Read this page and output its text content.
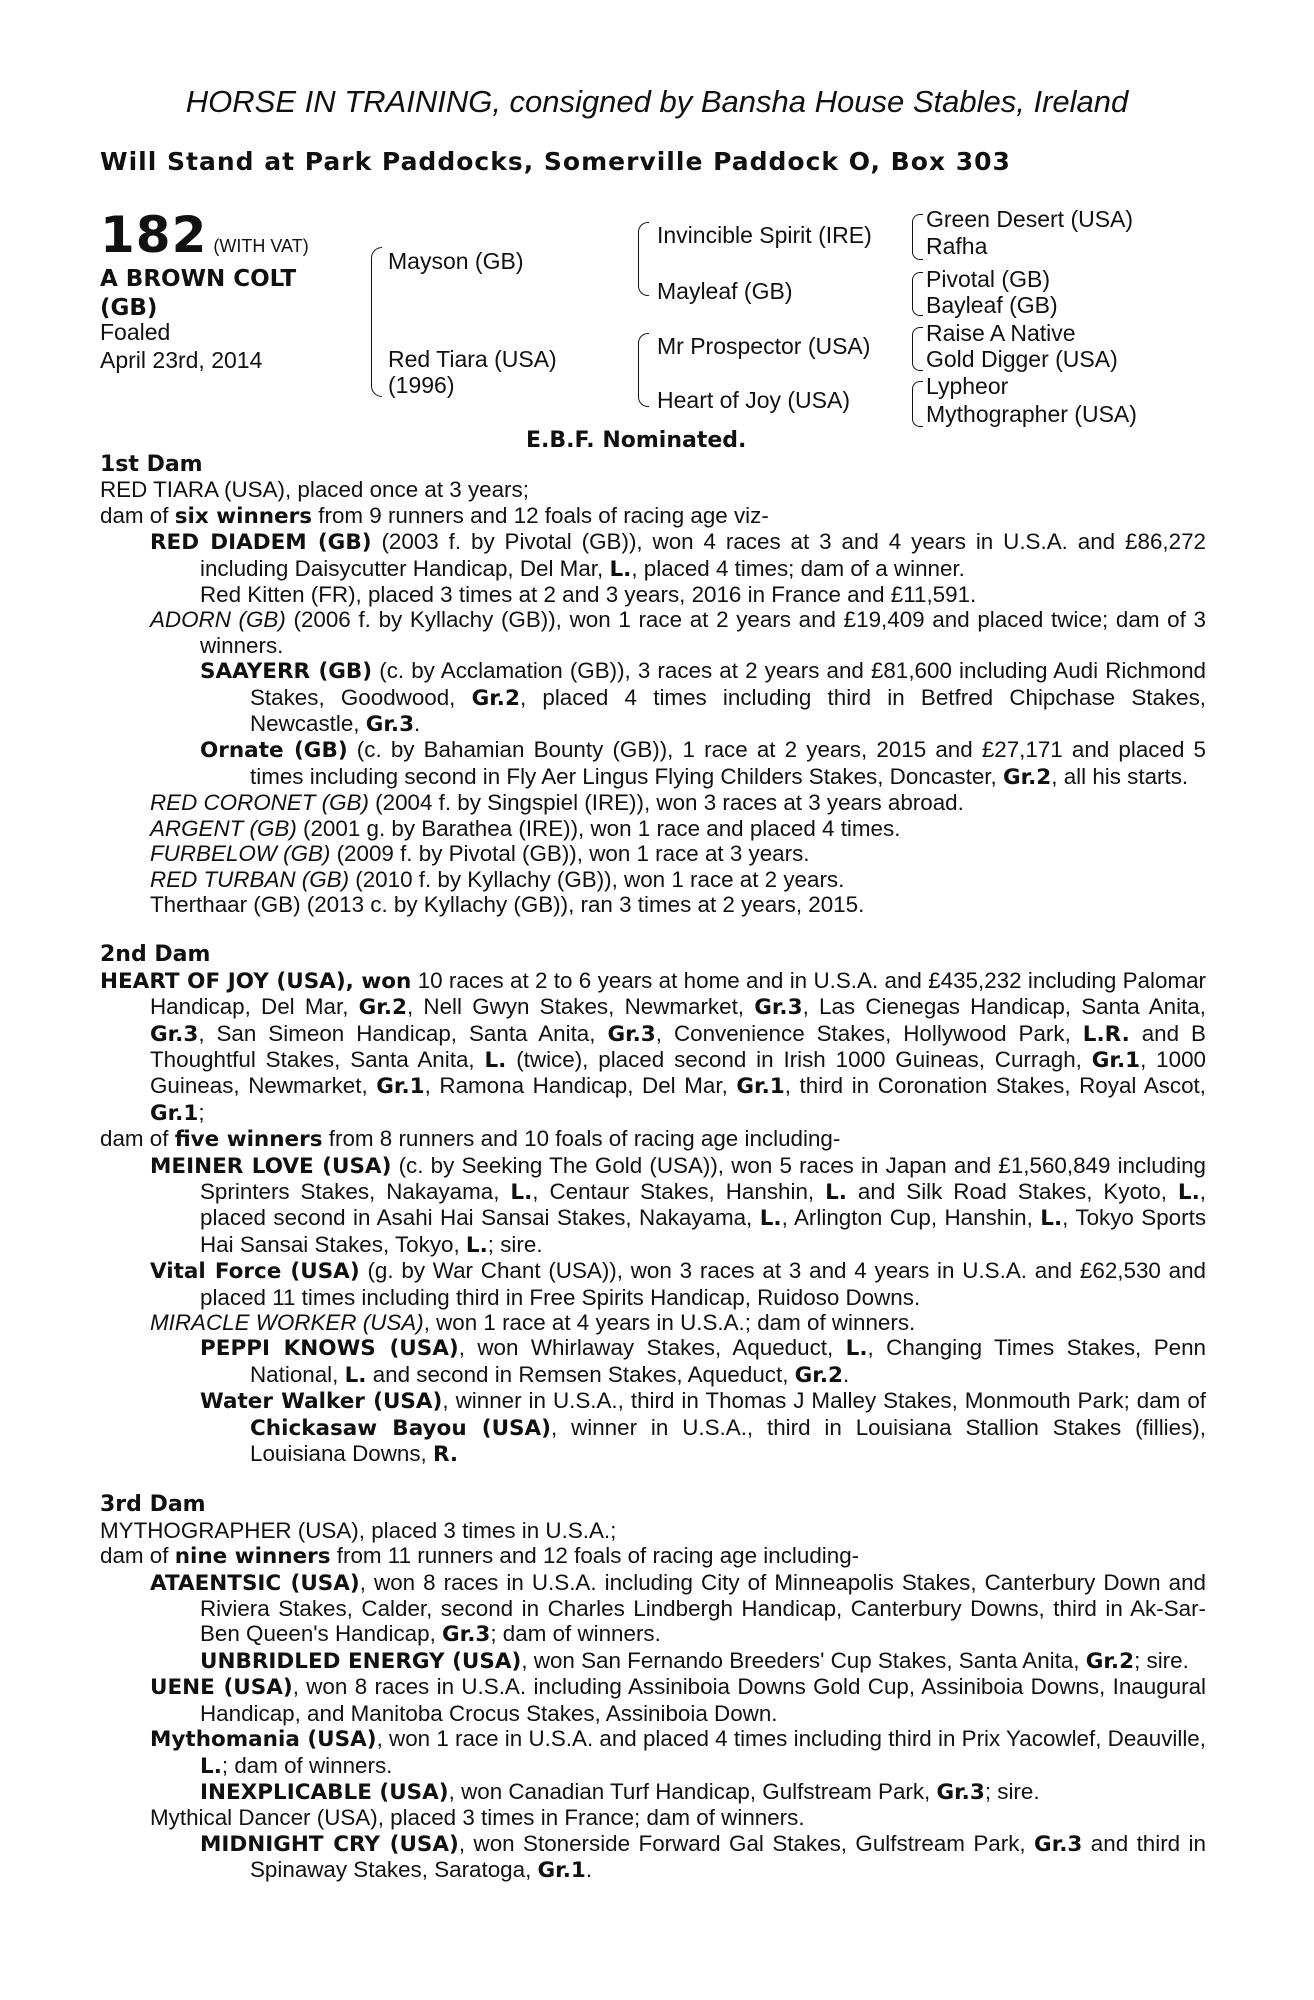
HORSE IN TRAINING, consigned by Bansha House Stables, Ireland
Will Stand at Park Paddocks, Somerville Paddock O, Box 303
182 (WITH VAT)
A BROWN COLT
(GB)
Foaled
April 23rd, 2014
Mayson (GB)
Red Tiara (USA)
(1996)
Invincible Spirit (IRE)
Mayleaf (GB)
Mr Prospector (USA)
Heart of Joy (USA)
Green Desert (USA)
Rafha
Pivotal (GB)
Bayleaf (GB)
Raise A Native
Gold Digger (USA)
Lypheor
Mythographer (USA)
E.B.F. Nominated.
1st Dam
RED TIARA (USA), placed once at 3 years;
dam of six winners from 9 runners and 12 foals of racing age viz-
RED DIADEM (GB) (2003 f. by Pivotal (GB)), won 4 races at 3 and 4 years in U.S.A. and £86,272 including Daisycutter Handicap, Del Mar, L., placed 4 times; dam of a winner.
Red Kitten (FR), placed 3 times at 2 and 3 years, 2016 in France and £11,591.
ADORN (GB) (2006 f. by Kyllachy (GB)), won 1 race at 2 years and £19,409 and placed twice; dam of 3 winners.
SAAYERR (GB) (c. by Acclamation (GB)), 3 races at 2 years and £81,600 including Audi Richmond Stakes, Goodwood, Gr.2, placed 4 times including third in Betfred Chipchase Stakes, Newcastle, Gr.3.
Ornate (GB) (c. by Bahamian Bounty (GB)), 1 race at 2 years, 2015 and £27,171 and placed 5 times including second in Fly Aer Lingus Flying Childers Stakes, Doncaster, Gr.2, all his starts.
RED CORONET (GB) (2004 f. by Singspiel (IRE)), won 3 races at 3 years abroad.
ARGENT (GB) (2001 g. by Barathea (IRE)), won 1 race and placed 4 times.
FURBELOW (GB) (2009 f. by Pivotal (GB)), won 1 race at 3 years.
RED TURBAN (GB) (2010 f. by Kyllachy (GB)), won 1 race at 2 years.
Therthaar (GB) (2013 c. by Kyllachy (GB)), ran 3 times at 2 years, 2015.
2nd Dam
HEART OF JOY (USA), won 10 races at 2 to 6 years at home and in U.S.A. and £435,232 including Palomar Handicap, Del Mar, Gr.2, Nell Gwyn Stakes, Newmarket, Gr.3, Las Cienegas Handicap, Santa Anita, Gr.3, San Simeon Handicap, Santa Anita, Gr.3, Convenience Stakes, Hollywood Park, L.R. and B Thoughtful Stakes, Santa Anita, L. (twice), placed second in Irish 1000 Guineas, Curragh, Gr.1, 1000 Guineas, Newmarket, Gr.1, Ramona Handicap, Del Mar, Gr.1, third in Coronation Stakes, Royal Ascot, Gr.1;
dam of five winners from 8 runners and 10 foals of racing age including-
MEINER LOVE (USA) (c. by Seeking The Gold (USA)), won 5 races in Japan and £1,560,849 including Sprinters Stakes, Nakayama, L., Centaur Stakes, Hanshin, L. and Silk Road Stakes, Kyoto, L., placed second in Asahi Hai Sansai Stakes, Nakayama, L., Arlington Cup, Hanshin, L., Tokyo Sports Hai Sansai Stakes, Tokyo, L.; sire.
Vital Force (USA) (g. by War Chant (USA)), won 3 races at 3 and 4 years in U.S.A. and £62,530 and placed 11 times including third in Free Spirits Handicap, Ruidoso Downs.
MIRACLE WORKER (USA), won 1 race at 4 years in U.S.A.; dam of winners.
PEPPI KNOWS (USA), won Whirlaway Stakes, Aqueduct, L., Changing Times Stakes, Penn National, L. and second in Remsen Stakes, Aqueduct, Gr.2.
Water Walker (USA), winner in U.S.A., third in Thomas J Malley Stakes, Monmouth Park; dam of Chickasaw Bayou (USA), winner in U.S.A., third in Louisiana Stallion Stakes (fillies), Louisiana Downs, R.
3rd Dam
MYTHOGRAPHER (USA), placed 3 times in U.S.A.;
dam of nine winners from 11 runners and 12 foals of racing age including-
ATAENTSIC (USA), won 8 races in U.S.A. including City of Minneapolis Stakes, Canterbury Down and Riviera Stakes, Calder, second in Charles Lindbergh Handicap, Canterbury Downs, third in Ak-Sar-Ben Queen's Handicap, Gr.3; dam of winners.
UNBRIDLED ENERGY (USA), won San Fernando Breeders' Cup Stakes, Santa Anita, Gr.2; sire.
UENE (USA), won 8 races in U.S.A. including Assiniboia Downs Gold Cup, Assiniboia Downs, Inaugural Handicap, and Manitoba Crocus Stakes, Assiniboia Down.
Mythomania (USA), won 1 race in U.S.A. and placed 4 times including third in Prix Yacowlef, Deauville, L.; dam of winners.
INEXPLICABLE (USA), won Canadian Turf Handicap, Gulfstream Park, Gr.3; sire.
Mythical Dancer (USA), placed 3 times in France; dam of winners.
MIDNIGHT CRY (USA), won Stonerside Forward Gal Stakes, Gulfstream Park, Gr.3 and third in Spinaway Stakes, Saratoga, Gr.1.
